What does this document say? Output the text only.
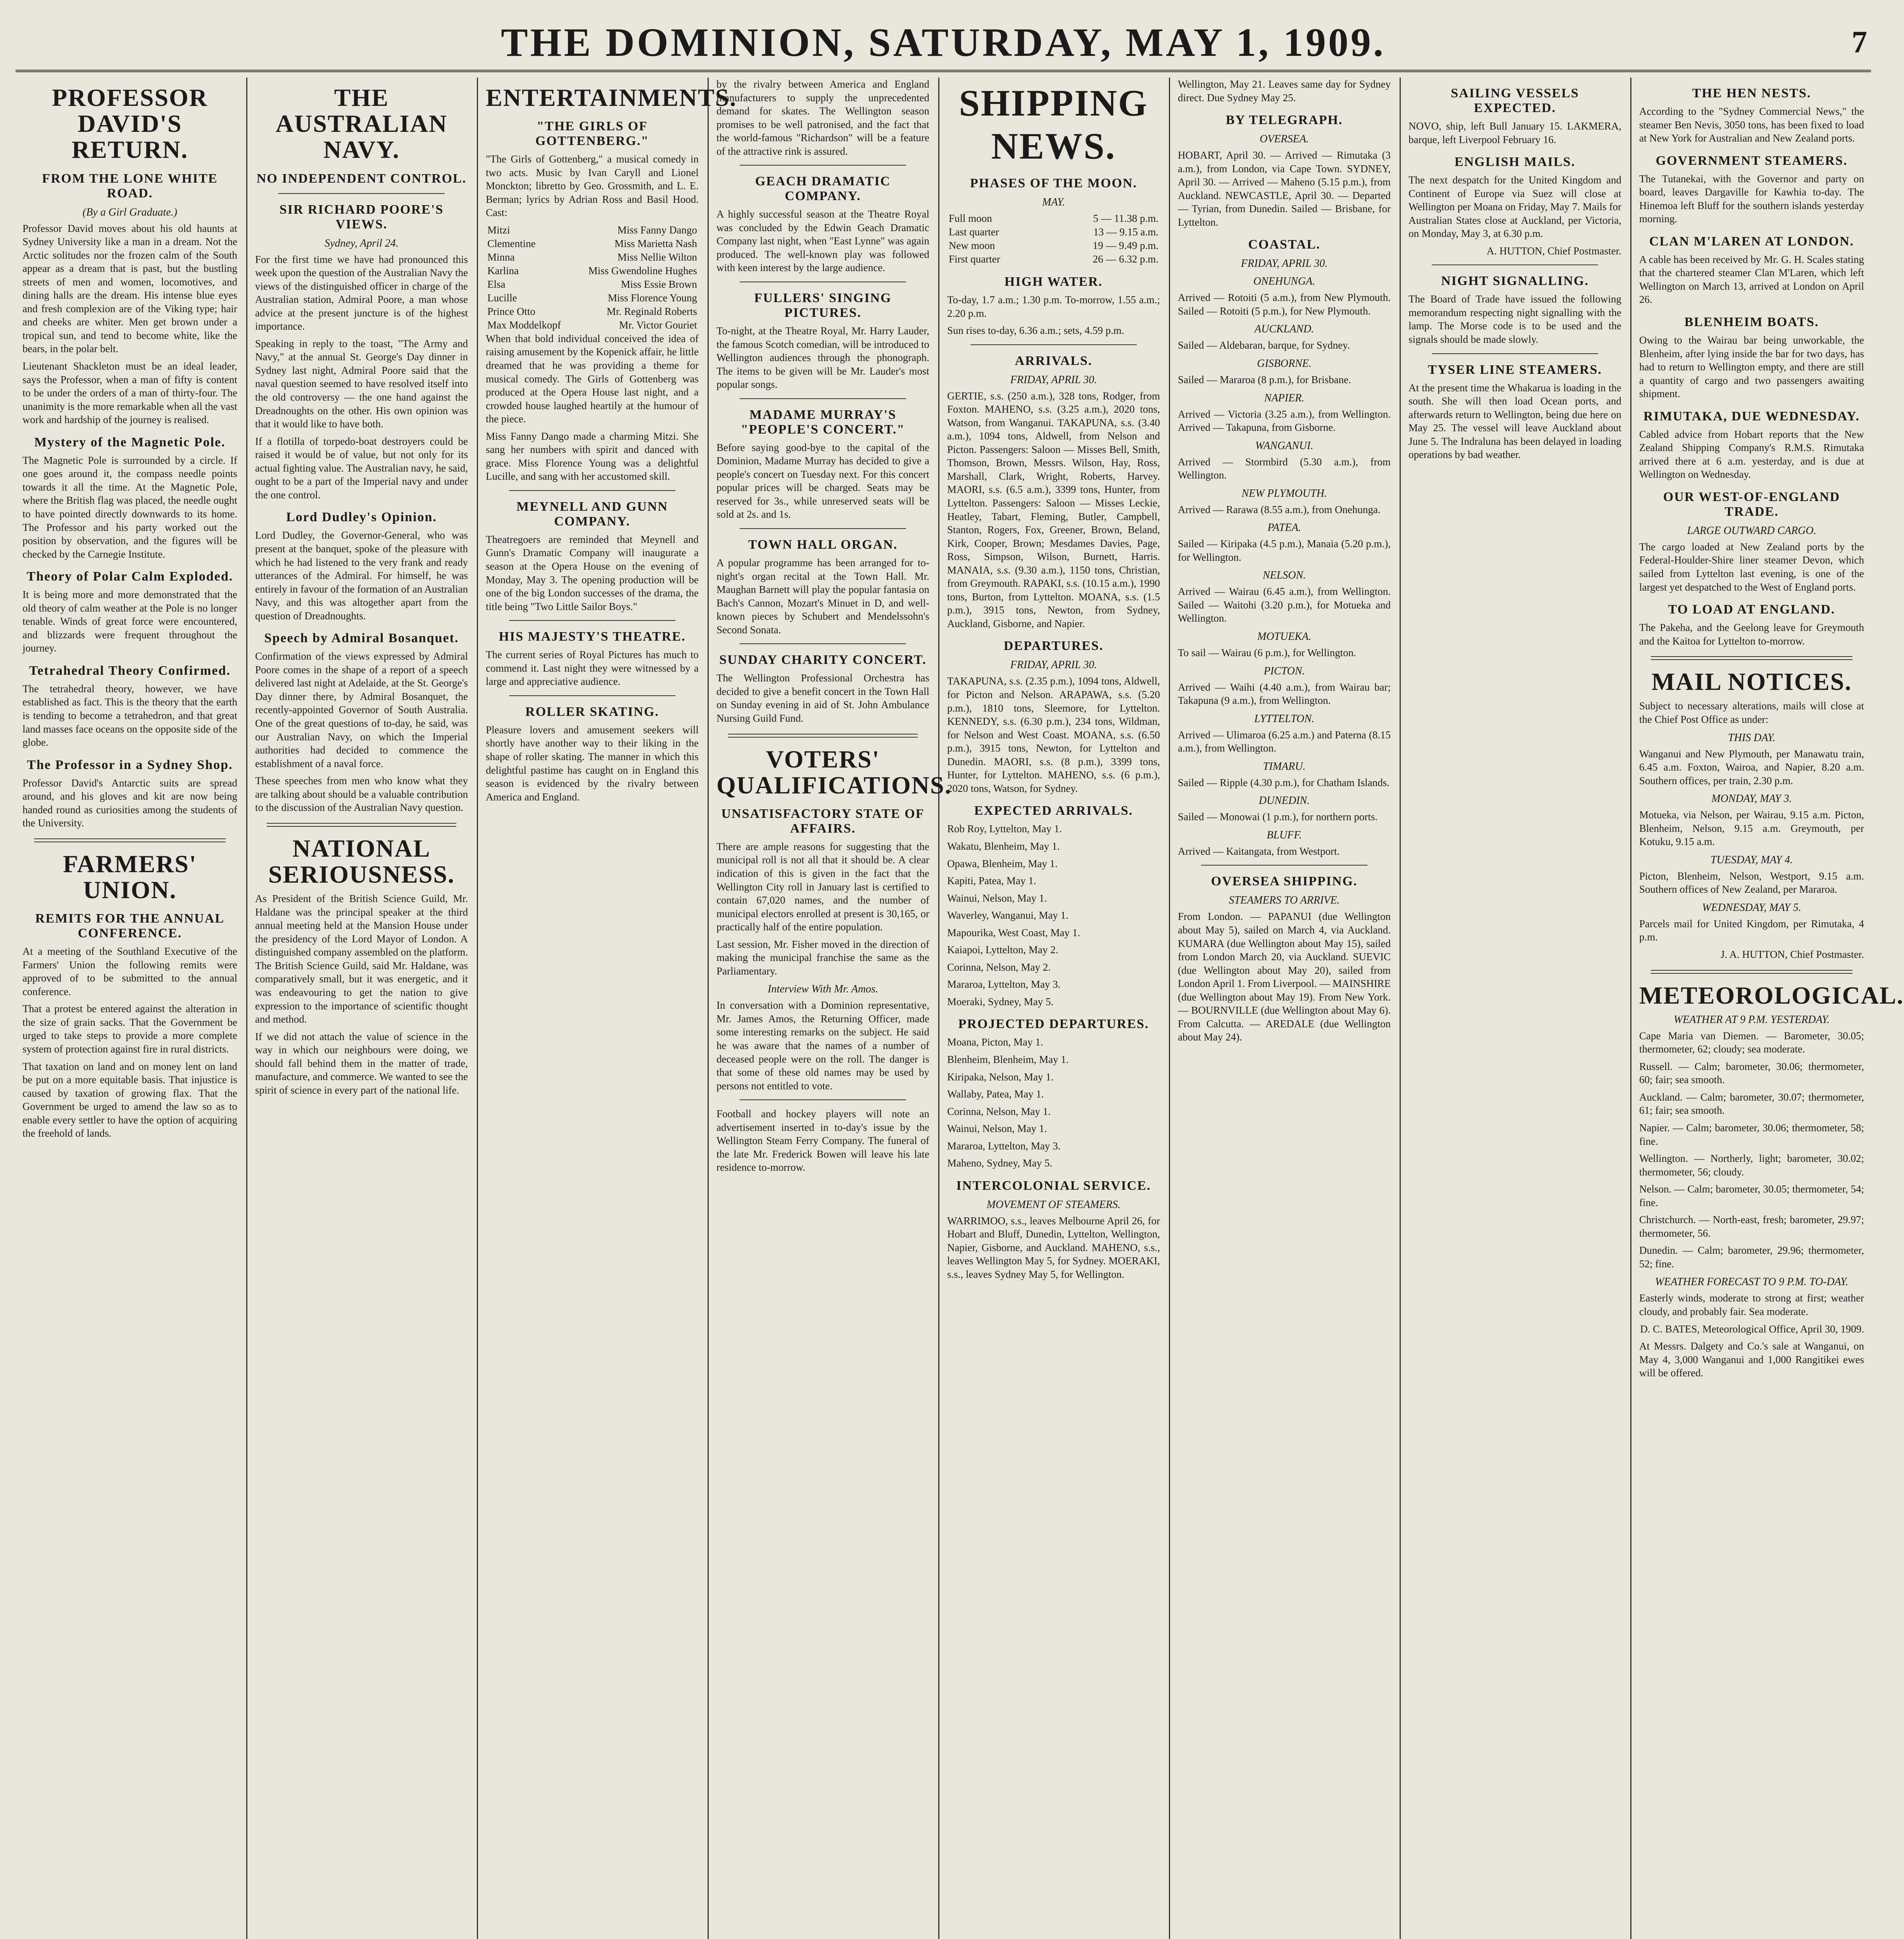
THE DOMINION, SATURDAY, MAY 1, 1909.	7
PROFESSOR DAVID'S RETURN.
FROM THE LONE WHITE ROAD.
(By a Girl Graduate.)

Professor David moves about his old haunts at Sydney University like a man in a dream. Not the Arctic solitudes nor the frozen calm of the South appear as a dream that is past, but the bustling streets of men and women, locomotives, and dining halls are the dream. His intense blue eyes and fresh complexion are of the Viking type; hair and cheeks are whiter. Men get brown under a tropical sun, and tend to become white, like the bears, in the polar belt.

Lieutenant Shackleton must be an ideal leader, says the Professor, when a man of fifty is content to be under the orders of a man of thirty-four. The unanimity is the more remarkable when all the vast work and hardship of the journey is realised.

Mystery of the Magnetic Pole.

The Magnetic Pole is surrounded by a circle. If one goes around it, the compass needle points towards it all the time. At the Magnetic Pole, where the British flag was placed, the needle ought to have pointed directly downwards to its home. The Professor and his party worked out the position by observation, and the figures will be checked by the Carnegie Institute.

Theory of Polar Calm Exploded.

It is being more and more demonstrated that the old theory of calm weather at the Pole is no longer tenable. Winds of great force were encountered, and blizzards were frequent throughout the journey.

Tetrahedral Theory Confirmed.

The tetrahedral theory, however, we have established as fact. This is the theory that the earth is tending to become a tetrahedron, and that great land masses face oceans on the opposite side of the globe.

The Professor in a Sydney Shop.

Professor David's Antarctic suits are spread around, and his gloves and kit are now being handed round as curiosities among the students of the University.

FARMERS' UNION.
REMITS FOR THE ANNUAL CONFERENCE.

At a meeting of the Southland Executive of the Farmers' Union the following remits were approved of to be submitted to the annual conference.

That a protest be entered against the alteration in the size of grain sacks. That the Government be urged to take steps to provide a more complete system of protection against fire in rural districts.

That taxation on land and on money lent on land be put on a more equitable basis. That injustice is caused by taxation of growing flax. That the Government be urged to amend the law so as to enable every settler to have the option of acquiring the freehold of lands.

THE AUSTRALIAN NAVY.
NO INDEPENDENT CONTROL.
SIR RICHARD POORE'S VIEWS.
Sydney, April 24.

For the first time we have had pronounced this week upon the question of the Australian Navy the views of the distinguished officer in charge of the Australian station, Admiral Poore, a man whose advice at the present juncture is of the highest importance.

Speaking in reply to the toast, "The Army and Navy," at the annual St. George's Day dinner in Sydney last night, Admiral Poore said that the naval question seemed to have resolved itself into the old controversy — the one hand against the Dreadnoughts on the other. His own opinion was that it would like to have both.

If a flotilla of torpedo-boat destroyers could be raised it would be of value, but not only for its actual fighting value. The Australian navy, he said, ought to be a part of the Imperial navy and under the one control.

Lord Dudley's Opinion.

Lord Dudley, the Governor-General, who was present at the banquet, spoke of the pleasure with which he had listened to the very frank and ready utterances of the Admiral. For himself, he was entirely in favour of the formation of an Australian Navy, and this was altogether apart from the question of Dreadnoughts.

Speech by Admiral Bosanquet.

Confirmation of the views expressed by Admiral Poore comes in the shape of a report of a speech delivered last night at Adelaide, at the St. George's Day dinner there, by Admiral Bosanquet, the recently-appointed Governor of South Australia. One of the great questions of to-day, he said, was our Australian Navy, on which the Imperial authorities had decided to commence the establishment of a naval force.

These speeches from men who know what they are talking about should be a valuable contribution to the discussion of the Australian Navy question.

NATIONAL SERIOUSNESS.

As President of the British Science Guild, Mr. Haldane was the principal speaker at the third annual meeting held at the Mansion House under the presidency of the Lord Mayor of London. A distinguished company assembled on the platform. The British Science Guild, said Mr. Haldane, was comparatively small, but it was energetic, and it was endeavouring to get the nation to give expression to the importance of scientific thought and method.

If we did not attach the value of science in the way in which our neighbours were doing, we should fall behind them in the matter of trade, manufacture, and commerce. We wanted to see the spirit of science in every part of the national life.

ENTERTAINMENTS.
"THE GIRLS OF GOTTENBERG."

"The Girls of Gottenberg," a musical comedy in two acts. Music by Ivan Caryll and Lionel Monckton; libretto by Geo. Grossmith, and L. E. Berman; lyrics by Adrian Ross and Basil Hood. Cast:

Mitzi	Miss Fanny Dango
Clementine	Miss Marietta Nash
Minna	Miss Nellie Wilton
Karlina	Miss Gwendoline Hughes
Elsa	Miss Essie Brown
Lucille	Miss Florence Young
Prince Otto	Mr. Reginald Roberts
Max Moddelkopf	Mr. Victor Gouriet

When that bold individual conceived the idea of raising amusement by the Kopenick affair, he little dreamed that he was providing a theme for musical comedy. The Girls of Gottenberg was produced at the Opera House last night, and a crowded house laughed heartily at the humour of the piece.

Miss Fanny Dango made a charming Mitzi. She sang her numbers with spirit and danced with grace. Miss Florence Young was a delightful Lucille, and sang with her accustomed skill.

MEYNELL AND GUNN COMPANY.

Theatregoers are reminded that Meynell and Gunn's Dramatic Company will inaugurate a season at the Opera House on the evening of Monday, May 3. The opening production will be one of the big London successes of the drama, the title being "Two Little Sailor Boys."

HIS MAJESTY'S THEATRE.

The current series of Royal Pictures has much to commend it. Last night they were witnessed by a large and appreciative audience.

ROLLER SKATING.

Pleasure lovers and amusement seekers will shortly have another way to their liking in the shape of roller skating. The manner in which this delightful pastime has caught on in England this season is evidenced by the rivalry between America and England.

by the rivalry between America and England manufacturers to supply the unprecedented demand for skates. The Wellington season promises to be well patronised, and the fact that the world-famous "Richardson" will be a feature of the attractive rink is assured.

GEACH DRAMATIC COMPANY.

A highly successful season at the Theatre Royal was concluded by the Edwin Geach Dramatic Company last night, when "East Lynne" was again produced. The well-known play was followed with keen interest by the large audience.

FULLERS' SINGING PICTURES.

To-night, at the Theatre Royal, Mr. Harry Lauder, the famous Scotch comedian, will be introduced to Wellington audiences through the phonograph. The items to be given will be Mr. Lauder's most popular songs.

MADAME MURRAY'S "PEOPLE'S CONCERT."

Before saying good-bye to the capital of the Dominion, Madame Murray has decided to give a people's concert on Tuesday next. For this concert popular prices will be charged. Seats may be reserved for 3s., while unreserved seats will be sold at 2s. and 1s.

TOWN HALL ORGAN.

A popular programme has been arranged for to-night's organ recital at the Town Hall. Mr. Maughan Barnett will play the popular fantasia on Bach's Cannon, Mozart's Minuet in D, and well-known pieces by Schubert and Mendelssohn's Second Sonata.

SUNDAY CHARITY CONCERT.

The Wellington Professional Orchestra has decided to give a benefit concert in the Town Hall on Sunday evening in aid of St. John Ambulance Nursing Guild Fund.

VOTERS' QUALIFICATIONS.
UNSATISFACTORY STATE OF AFFAIRS.

There are ample reasons for suggesting that the municipal roll is not all that it should be. A clear indication of this is given in the fact that the Wellington City roll in January last is certified to contain 67,020 names, and the number of municipal electors enrolled at present is 30,165, or practically half of the entire population.

Last session, Mr. Fisher moved in the direction of making the municipal franchise the same as the Parliamentary.

Interview With Mr. Amos.

In conversation with a Dominion representative, Mr. James Amos, the Returning Officer, made some interesting remarks on the subject. He said he was aware that the names of a number of deceased people were on the roll. The danger is that some of these old names may be used by persons not entitled to vote.

Football and hockey players will note an advertisement inserted in to-day's issue by the Wellington Steam Ferry Company. The funeral of the late Mr. Frederick Bowen will leave his late residence to-morrow.

SHIPPING NEWS.
PHASES OF THE MOON.
MAY.
Full moon	5 — 11.38 p.m.
Last quarter	13 — 9.15 a.m.
New moon	19 — 9.49 p.m.
First quarter	26 — 6.32 p.m.
HIGH WATER.

To-day, 1.7 a.m.; 1.30 p.m. To-morrow, 1.55 a.m.; 2.20 p.m.

Sun rises to-day, 6.36 a.m.; sets, 4.59 p.m.

ARRIVALS.
FRIDAY, APRIL 30.

GERTIE, s.s. (250 a.m.), 328 tons, Rodger, from Foxton. MAHENO, s.s. (3.25 a.m.), 2020 tons, Watson, from Wanganui. TAKAPUNA, s.s. (3.40 a.m.), 1094 tons, Aldwell, from Nelson and Picton. Passengers: Saloon — Misses Bell, Smith, Thomson, Brown, Messrs. Wilson, Hay, Ross, Marshall, Clark, Wright, Roberts, Harvey. MAORI, s.s. (6.5 a.m.), 3399 tons, Hunter, from Lyttelton. Passengers: Saloon — Misses Leckie, Heatley, Tabart, Fleming, Butler, Campbell, Stanton, Rogers, Fox, Greener, Brown, Beland, Kirk, Cooper, Brown; Mesdames Davies, Page, Ross, Simpson, Wilson, Burnett, Harris. MANAIA, s.s. (9.30 a.m.), 1150 tons, Christian, from Greymouth. RAPAKI, s.s. (10.15 a.m.), 1990 tons, Burton, from Lyttelton. MOANA, s.s. (1.5 p.m.), 3915 tons, Newton, from Sydney, Auckland, Gisborne, and Napier.

DEPARTURES.
FRIDAY, APRIL 30.

TAKAPUNA, s.s. (2.35 p.m.), 1094 tons, Aldwell, for Picton and Nelson. ARAPAWA, s.s. (5.20 p.m.), 1810 tons, Sleemore, for Lyttelton. KENNEDY, s.s. (6.30 p.m.), 234 tons, Wildman, for Nelson and West Coast. MOANA, s.s. (6.50 p.m.), 3915 tons, Newton, for Lyttelton and Dunedin. MAORI, s.s. (8 p.m.), 3399 tons, Hunter, for Lyttelton. MAHENO, s.s. (6 p.m.), 2020 tons, Watson, for Sydney.

EXPECTED ARRIVALS.

Rob Roy, Lyttelton, May 1.

Wakatu, Blenheim, May 1.

Opawa, Blenheim, May 1.

Kapiti, Patea, May 1.

Wainui, Nelson, May 1.

Waverley, Wanganui, May 1.

Mapourika, West Coast, May 1.

Kaiapoi, Lyttelton, May 2.

Corinna, Nelson, May 2.

Mararoa, Lyttelton, May 3.

Moeraki, Sydney, May 5.

PROJECTED DEPARTURES.

Moana, Picton, May 1.

Blenheim, Blenheim, May 1.

Kiripaka, Nelson, May 1.

Wallaby, Patea, May 1.

Corinna, Nelson, May 1.

Wainui, Nelson, May 1.

Mararoa, Lyttelton, May 3.

Maheno, Sydney, May 5.

INTERCOLONIAL SERVICE.
MOVEMENT OF STEAMERS.

WARRIMOO, s.s., leaves Melbourne April 26, for Hobart and Bluff, Dunedin, Lyttelton, Wellington, Napier, Gisborne, and Auckland. MAHENO, s.s., leaves Wellington May 5, for Sydney. MOERAKI, s.s., leaves Sydney May 5, for Wellington.

Wellington, May 21. Leaves same day for Sydney direct. Due Sydney May 25.

BY TELEGRAPH.
OVERSEA.

HOBART, April 30. — Arrived — Rimutaka (3 a.m.), from London, via Cape Town. SYDNEY, April 30. — Arrived — Maheno (5.15 p.m.), from Auckland. NEWCASTLE, April 30. — Departed — Tyrian, from Dunedin. Sailed — Brisbane, for Lyttelton.

COASTAL.
FRIDAY, APRIL 30.
ONEHUNGA.

Arrived — Rotoiti (5 a.m.), from New Plymouth. Sailed — Rotoiti (5 p.m.), for New Plymouth.

AUCKLAND.

Sailed — Aldebaran, barque, for Sydney.

GISBORNE.

Sailed — Mararoa (8 p.m.), for Brisbane.

NAPIER.

Arrived — Victoria (3.25 a.m.), from Wellington. Arrived — Takapuna, from Gisborne.

WANGANUI.

Arrived — Stormbird (5.30 a.m.), from Wellington.

NEW PLYMOUTH.

Arrived — Rarawa (8.55 a.m.), from Onehunga.

PATEA.

Sailed — Kiripaka (4.5 p.m.), Manaia (5.20 p.m.), for Wellington.

NELSON.

Arrived — Wairau (6.45 a.m.), from Wellington. Sailed — Waitohi (3.20 p.m.), for Motueka and Wellington.

MOTUEKA.

To sail — Wairau (6 p.m.), for Wellington.

PICTON.

Arrived — Waihi (4.40 a.m.), from Wairau bar; Takapuna (9 a.m.), from Wellington.

LYTTELTON.

Arrived — Ulimaroa (6.25 a.m.) and Paterna (8.15 a.m.), from Wellington.

TIMARU.

Sailed — Ripple (4.30 p.m.), for Chatham Islands.

DUNEDIN.

Sailed — Monowai (1 p.m.), for northern ports.

BLUFF.

Arrived — Kaitangata, from Westport.

OVERSEA SHIPPING.
STEAMERS TO ARRIVE.

From London. — PAPANUI (due Wellington about May 5), sailed on March 4, via Auckland. KUMARA (due Wellington about May 15), sailed from London March 20, via Auckland. SUEVIC (due Wellington about May 20), sailed from London April 1. From Liverpool. — MAINSHIRE (due Wellington about May 19). From New York. — BOURNVILLE (due Wellington about May 6). From Calcutta. — AREDALE (due Wellington about May 24).

SAILING VESSELS EXPECTED.

NOVO, ship, left Bull January 15. LAKMERA, barque, left Liverpool February 16.

ENGLISH MAILS.

The next despatch for the United Kingdom and Continent of Europe via Suez will close at Wellington per Moana on Friday, May 7. Mails for Australian States close at Auckland, per Victoria, on Monday, May 3, at 6.30 p.m.

A. HUTTON, Chief Postmaster.

NIGHT SIGNALLING.

The Board of Trade have issued the following memorandum respecting night signalling with the lamp. The Morse code is to be used and the signals should be made slowly.

TYSER LINE STEAMERS.

At the present time the Whakarua is loading in the south. She will then load Ocean ports, and afterwards return to Wellington, being due here on May 25. The vessel will leave Auckland about June 5. The Indraluna has been delayed in loading operations by bad weather.

THE HEN NESTS.

According to the "Sydney Commercial News," the steamer Ben Nevis, 3050 tons, has been fixed to load at New York for Australian and New Zealand ports.

GOVERNMENT STEAMERS.

The Tutanekai, with the Governor and party on board, leaves Dargaville for Kawhia to-day. The Hinemoa left Bluff for the southern islands yesterday morning.

CLAN M'LAREN AT LONDON.

A cable has been received by Mr. G. H. Scales stating that the chartered steamer Clan M'Laren, which left Wellington on March 13, arrived at London on April 26.

BLENHEIM BOATS.

Owing to the Wairau bar being unworkable, the Blenheim, after lying inside the bar for two days, has had to return to Wellington empty, and there are still a quantity of cargo and two passengers awaiting shipment.

RIMUTAKA, DUE WEDNESDAY.

Cabled advice from Hobart reports that the New Zealand Shipping Company's R.M.S. Rimutaka arrived there at 6 a.m. yesterday, and is due at Wellington on Wednesday.

OUR WEST-OF-ENGLAND TRADE.
LARGE OUTWARD CARGO.

The cargo loaded at New Zealand ports by the Federal-Houlder-Shire liner steamer Devon, which sailed from Lyttelton last evening, is one of the largest yet despatched to the West of England ports.

TO LOAD AT ENGLAND.

The Pakeha, and the Geelong leave for Greymouth and the Kaitoa for Lyttelton to-morrow.

MAIL NOTICES.

Subject to necessary alterations, mails will close at the Chief Post Office as under:

THIS DAY.

Wanganui and New Plymouth, per Manawatu train, 6.45 a.m. Foxton, Wairoa, and Napier, 8.20 a.m. Southern offices, per train, 2.30 p.m.

MONDAY, MAY 3.

Motueka, via Nelson, per Wairau, 9.15 a.m. Picton, Blenheim, Nelson, 9.15 a.m. Greymouth, per Kotuku, 9.15 a.m.

TUESDAY, MAY 4.

Picton, Blenheim, Nelson, Westport, 9.15 a.m. Southern offices of New Zealand, per Mararoa.

WEDNESDAY, MAY 5.

Parcels mail for United Kingdom, per Rimutaka, 4 p.m.

J. A. HUTTON, Chief Postmaster.

METEOROLOGICAL.
WEATHER AT 9 P.M. YESTERDAY.

Cape Maria van Diemen. — Barometer, 30.05; thermometer, 62; cloudy; sea moderate.

Russell. — Calm; barometer, 30.06; thermometer, 60; fair; sea smooth.

Auckland. — Calm; barometer, 30.07; thermometer, 61; fair; sea smooth.

Napier. — Calm; barometer, 30.06; thermometer, 58; fine.

Wellington. — Northerly, light; barometer, 30.02; thermometer, 56; cloudy.

Nelson. — Calm; barometer, 30.05; thermometer, 54; fine.

Christchurch. — North-east, fresh; barometer, 29.97; thermometer, 56.

Dunedin. — Calm; barometer, 29.96; thermometer, 52; fine.

WEATHER FORECAST TO 9 P.M. TO-DAY.

Easterly winds, moderate to strong at first; weather cloudy, and probably fair. Sea moderate.

D. C. BATES, Meteorological Office, April 30, 1909.

At Messrs. Dalgety and Co.'s sale at Wanganui, on May 4, 3,000 Wanganui and 1,000 Rangitikei ewes will be offered.
